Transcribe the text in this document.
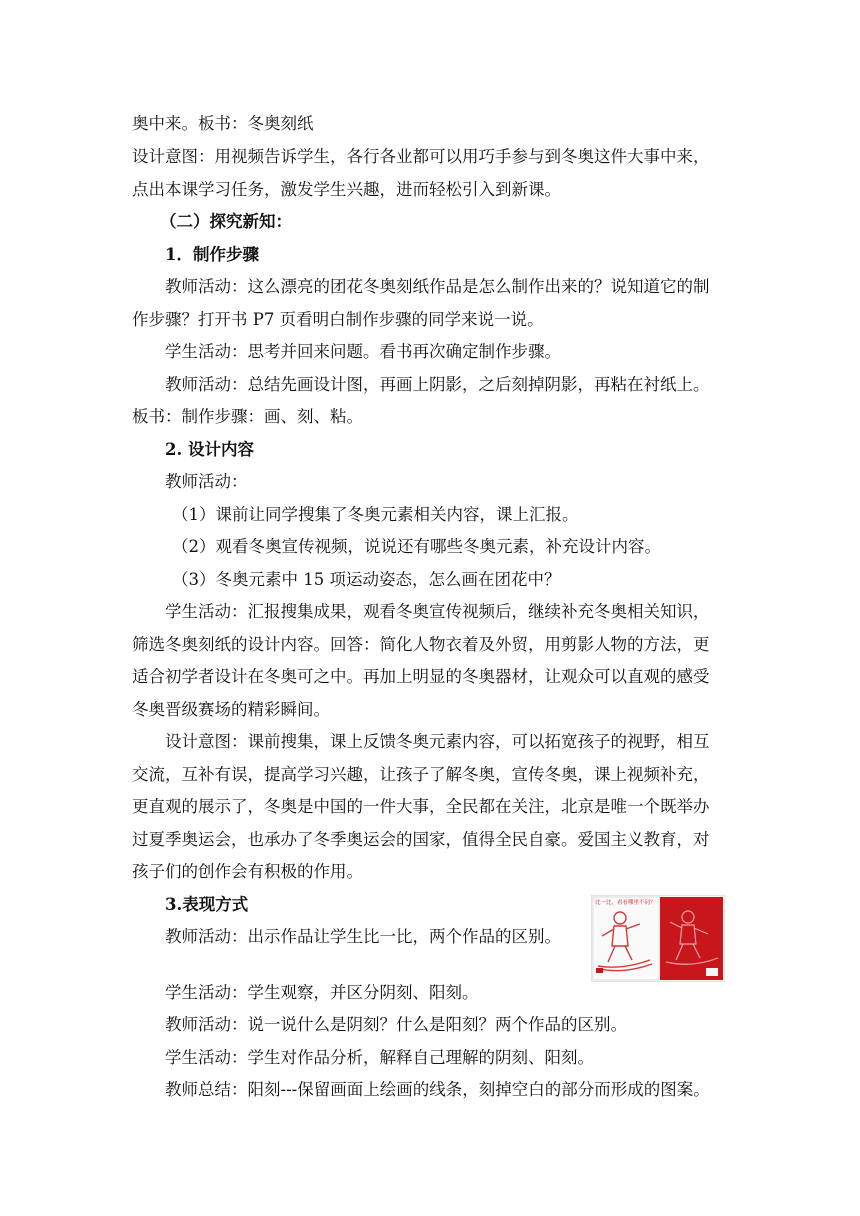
奥中来。板书：冬奥刻纸
设计意图：用视频告诉学生，各行各业都可以用巧手参与到冬奥这件大事中来，
点出本课学习任务，激发学生兴趣，进而轻松引入到新课。
（二）探究新知：
1．制作步骤
教师活动：这么漂亮的团花冬奥刻纸作品是怎么制作出来的？说知道它的制
作步骤？打开书 P7 页看明白制作步骤的同学来说一说。
学生活动：思考并回来问题。看书再次确定制作步骤。
教师活动：总结先画设计图，再画上阴影，之后刻掉阴影，再粘在衬纸上。
板书：制作步骤：画、刻、粘。
2. 设计内容
教师活动：
（1）课前让同学搜集了冬奥元素相关内容，课上汇报。
（2）观看冬奥宣传视频，说说还有哪些冬奥元素，补充设计内容。
（3）冬奥元素中 15 项运动姿态，怎么画在团花中？
学生活动：汇报搜集成果，观看冬奥宣传视频后，继续补充冬奥相关知识，
筛选冬奥刻纸的设计内容。回答：简化人物衣着及外贸，用剪影人物的方法，更
适合初学者设计在冬奥可之中。再加上明显的冬奥器材，让观众可以直观的感受
冬奥晋级赛场的精彩瞬间。
设计意图：课前搜集，课上反馈冬奥元素内容，可以拓宽孩子的视野，相互
交流，互补有误，提高学习兴趣，让孩子了解冬奥，宣传冬奥，课上视频补充，
更直观的展示了，冬奥是中国的一件大事，全民都在关注，北京是唯一个既举办
过夏季奥运会，也承办了冬季奥运会的国家，值得全民自豪。爱国主义教育，对
孩子们的创作会有积极的作用。
3.表现方式
教师活动：出示作品让学生比一比，两个作品的区别。
学生活动：学生观察，并区分阴刻、阳刻。
教师活动：说一说什么是阴刻？什么是阳刻？两个作品的区别。
学生活动：学生对作品分析，解释自己理解的阴刻、阳刻。
教师总结：阳刻---保留画面上绘画的线条，刻掉空白的部分而形成的图案。
比一比，看看哪里不同？
